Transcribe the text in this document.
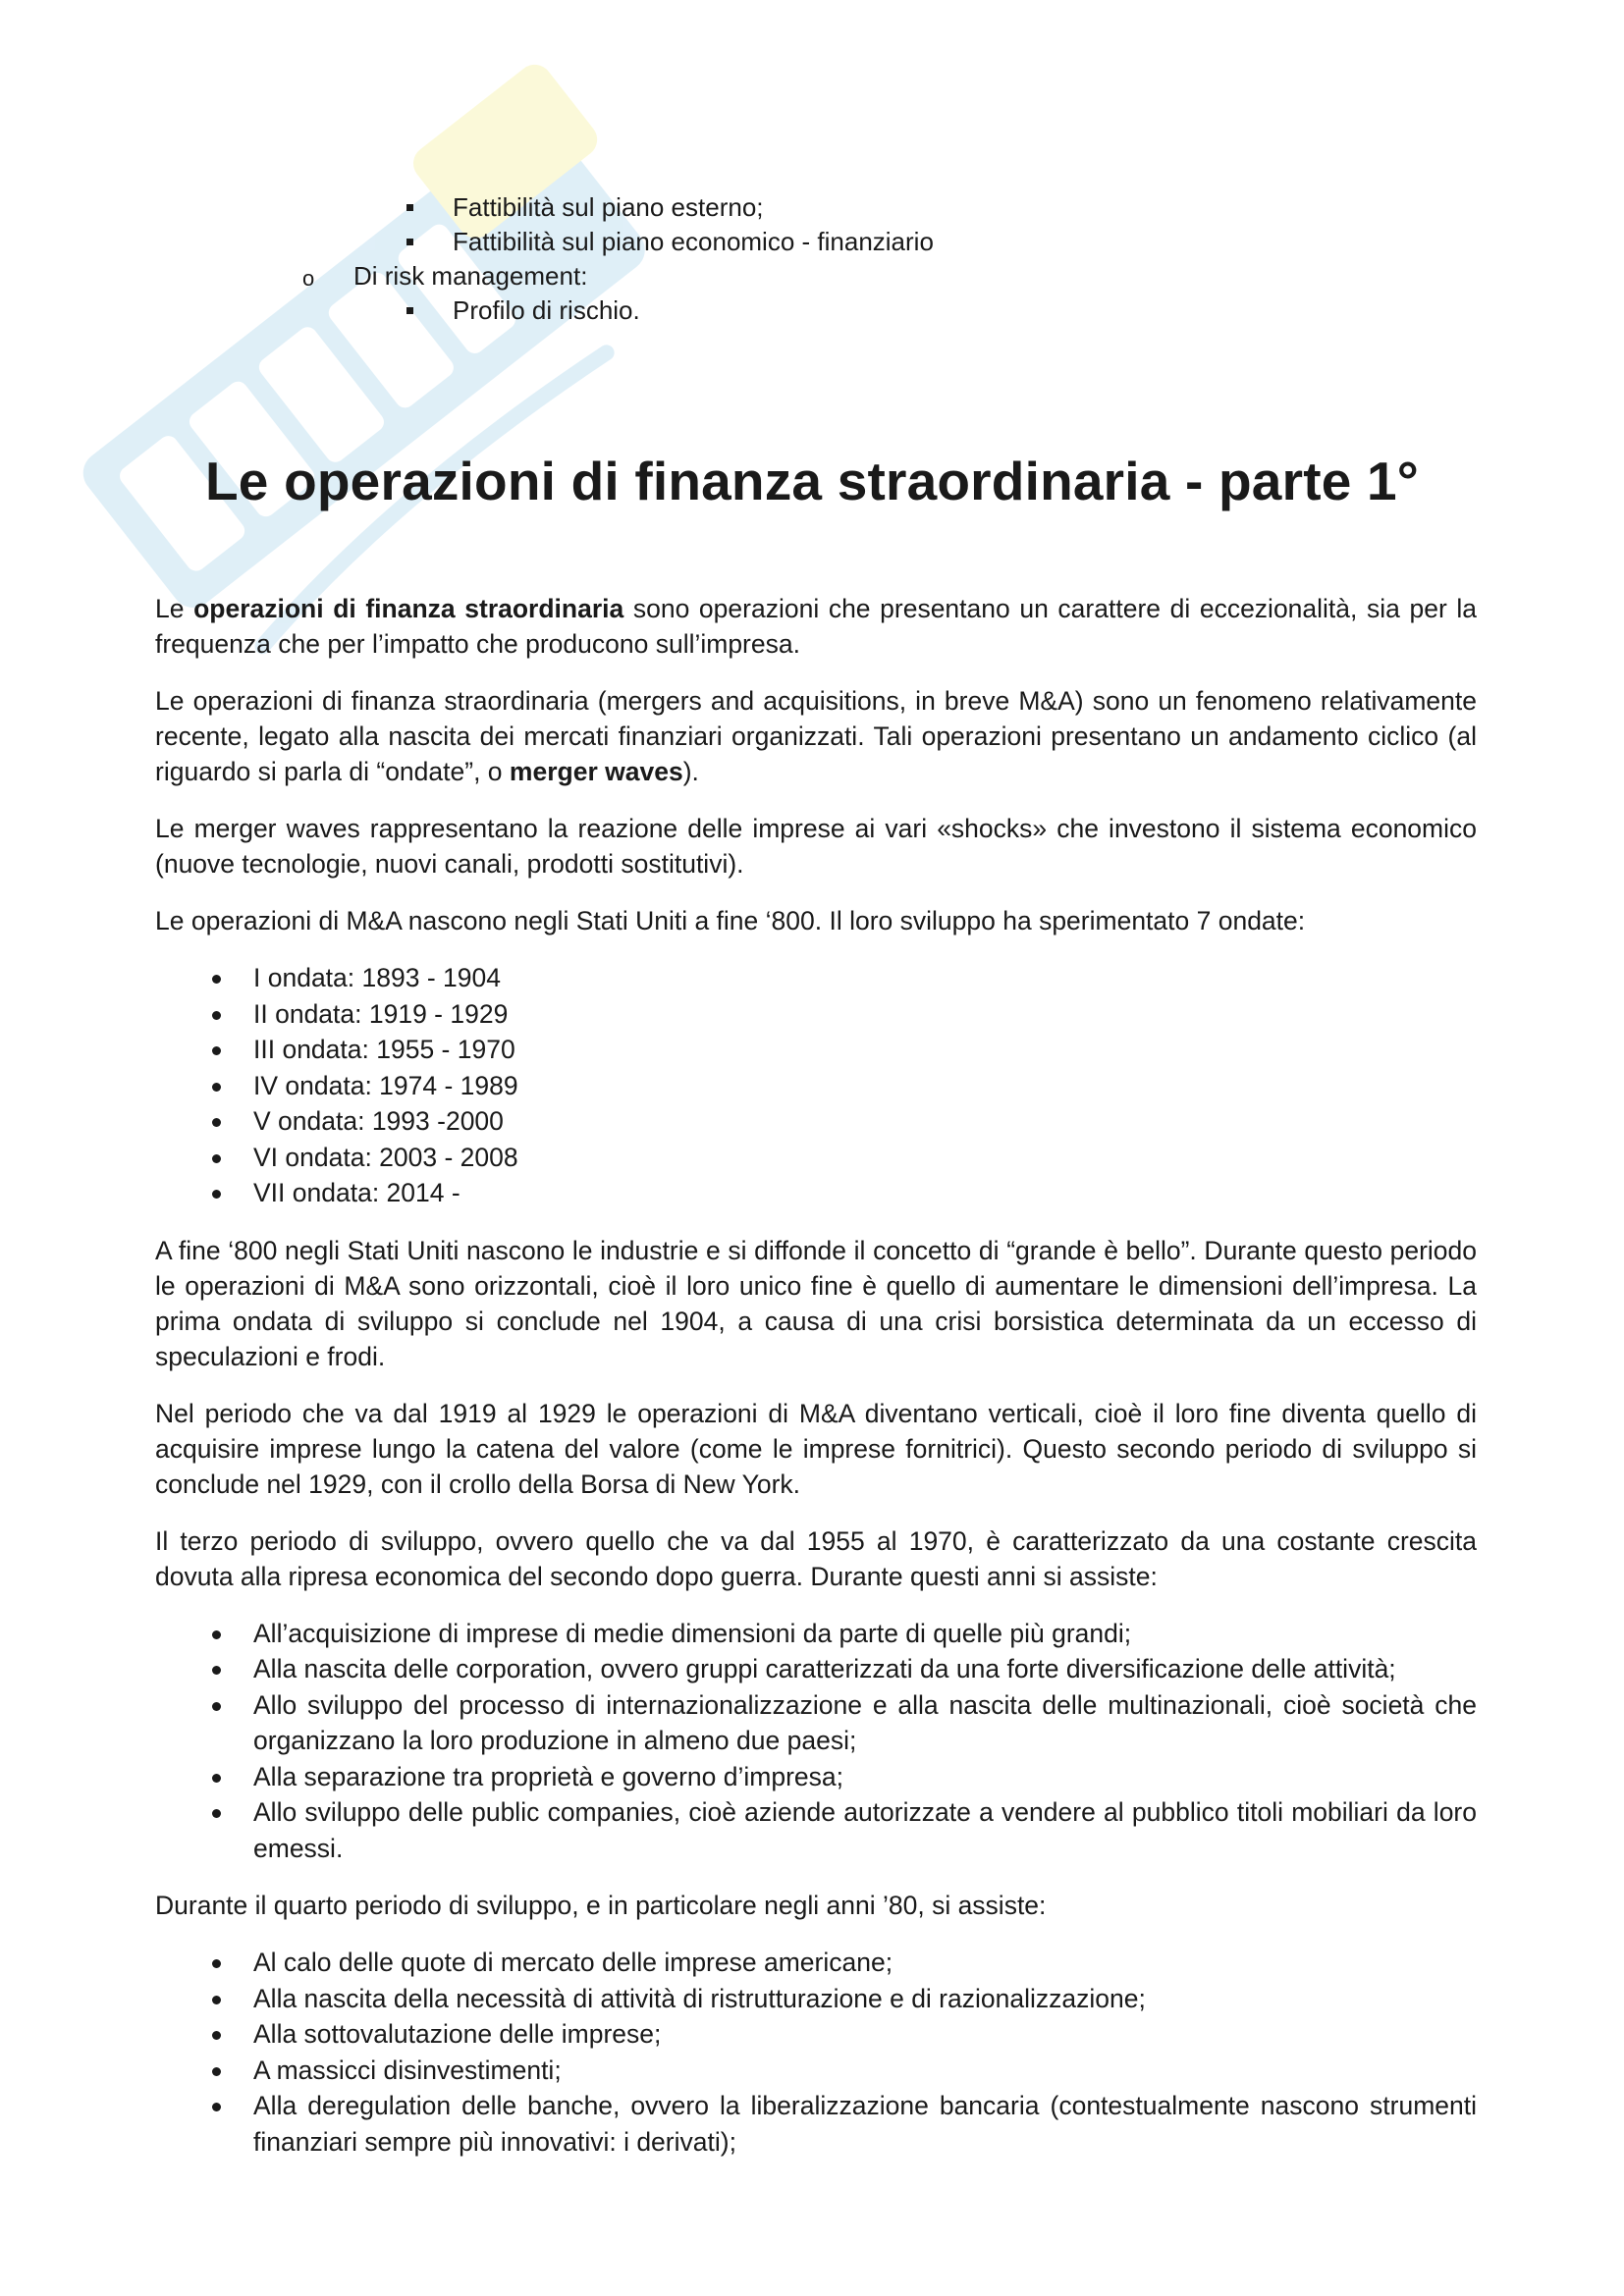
Fattibilità sul piano esterno;
Fattibilità sul piano economico - finanziario
o Di risk management:
Profilo di rischio.
Le operazioni di finanza straordinaria - parte 1°

Le operazioni di finanza straordinaria sono operazioni che presentano un carattere di eccezionalità, sia per la frequenza che per l’impatto che producono sull’impresa.

Le operazioni di finanza straordinaria (mergers and acquisitions, in breve M&A) sono un fenomeno relativamente recente, legato alla nascita dei mercati finanziari organizzati. Tali operazioni presentano un andamento ciclico (al riguardo si parla di “ondate”, o merger waves).

Le merger waves rappresentano la reazione delle imprese ai vari «shocks» che investono il sistema economico (nuove tecnologie, nuovi canali, prodotti sostitutivi).

Le operazioni di M&A nascono negli Stati Uniti a fine ‘800. Il loro sviluppo ha sperimentato 7 ondate:

I ondata: 1893 - 1904
II ondata: 1919 - 1929
III ondata: 1955 - 1970
IV ondata: 1974 - 1989
V ondata: 1993 -2000
VI ondata: 2003 - 2008
VII ondata: 2014 -

A fine ‘800 negli Stati Uniti nascono le industrie e si diffonde il concetto di “grande è bello”. Durante questo periodo le operazioni di M&A sono orizzontali, cioè il loro unico fine è quello di aumentare le dimensioni dell’impresa. La prima ondata di sviluppo si conclude nel 1904, a causa di una crisi borsistica determinata da un eccesso di speculazioni e frodi.

Nel periodo che va dal 1919 al 1929 le operazioni di M&A diventano verticali, cioè il loro fine diventa quello di acquisire imprese lungo la catena del valore (come le imprese fornitrici). Questo secondo periodo di sviluppo si conclude nel 1929, con il crollo della Borsa di New York.

Il terzo periodo di sviluppo, ovvero quello che va dal 1955 al 1970, è caratterizzato da una costante crescita dovuta alla ripresa economica del secondo dopo guerra. Durante questi anni si assiste:

All’acquisizione di imprese di medie dimensioni da parte di quelle più grandi;
Alla nascita delle corporation, ovvero gruppi caratterizzati da una forte diversificazione delle attività;
Allo sviluppo del processo di internazionalizzazione e alla nascita delle multinazionali, cioè società che organizzano la loro produzione in almeno due paesi;
Alla separazione tra proprietà e governo d’impresa;
Allo sviluppo delle public companies, cioè aziende autorizzate a vendere al pubblico titoli mobiliari da loro emessi.

Durante il quarto periodo di sviluppo, e in particolare negli anni ’80, si assiste:

Al calo delle quote di mercato delle imprese americane;
Alla nascita della necessità di attività di ristrutturazione e di razionalizzazione;
Alla sottovalutazione delle imprese;
A massicci disinvestimenti;
Alla deregulation delle banche, ovvero la liberalizzazione bancaria (contestualmente nascono strumenti finanziari sempre più innovativi: i derivati);
